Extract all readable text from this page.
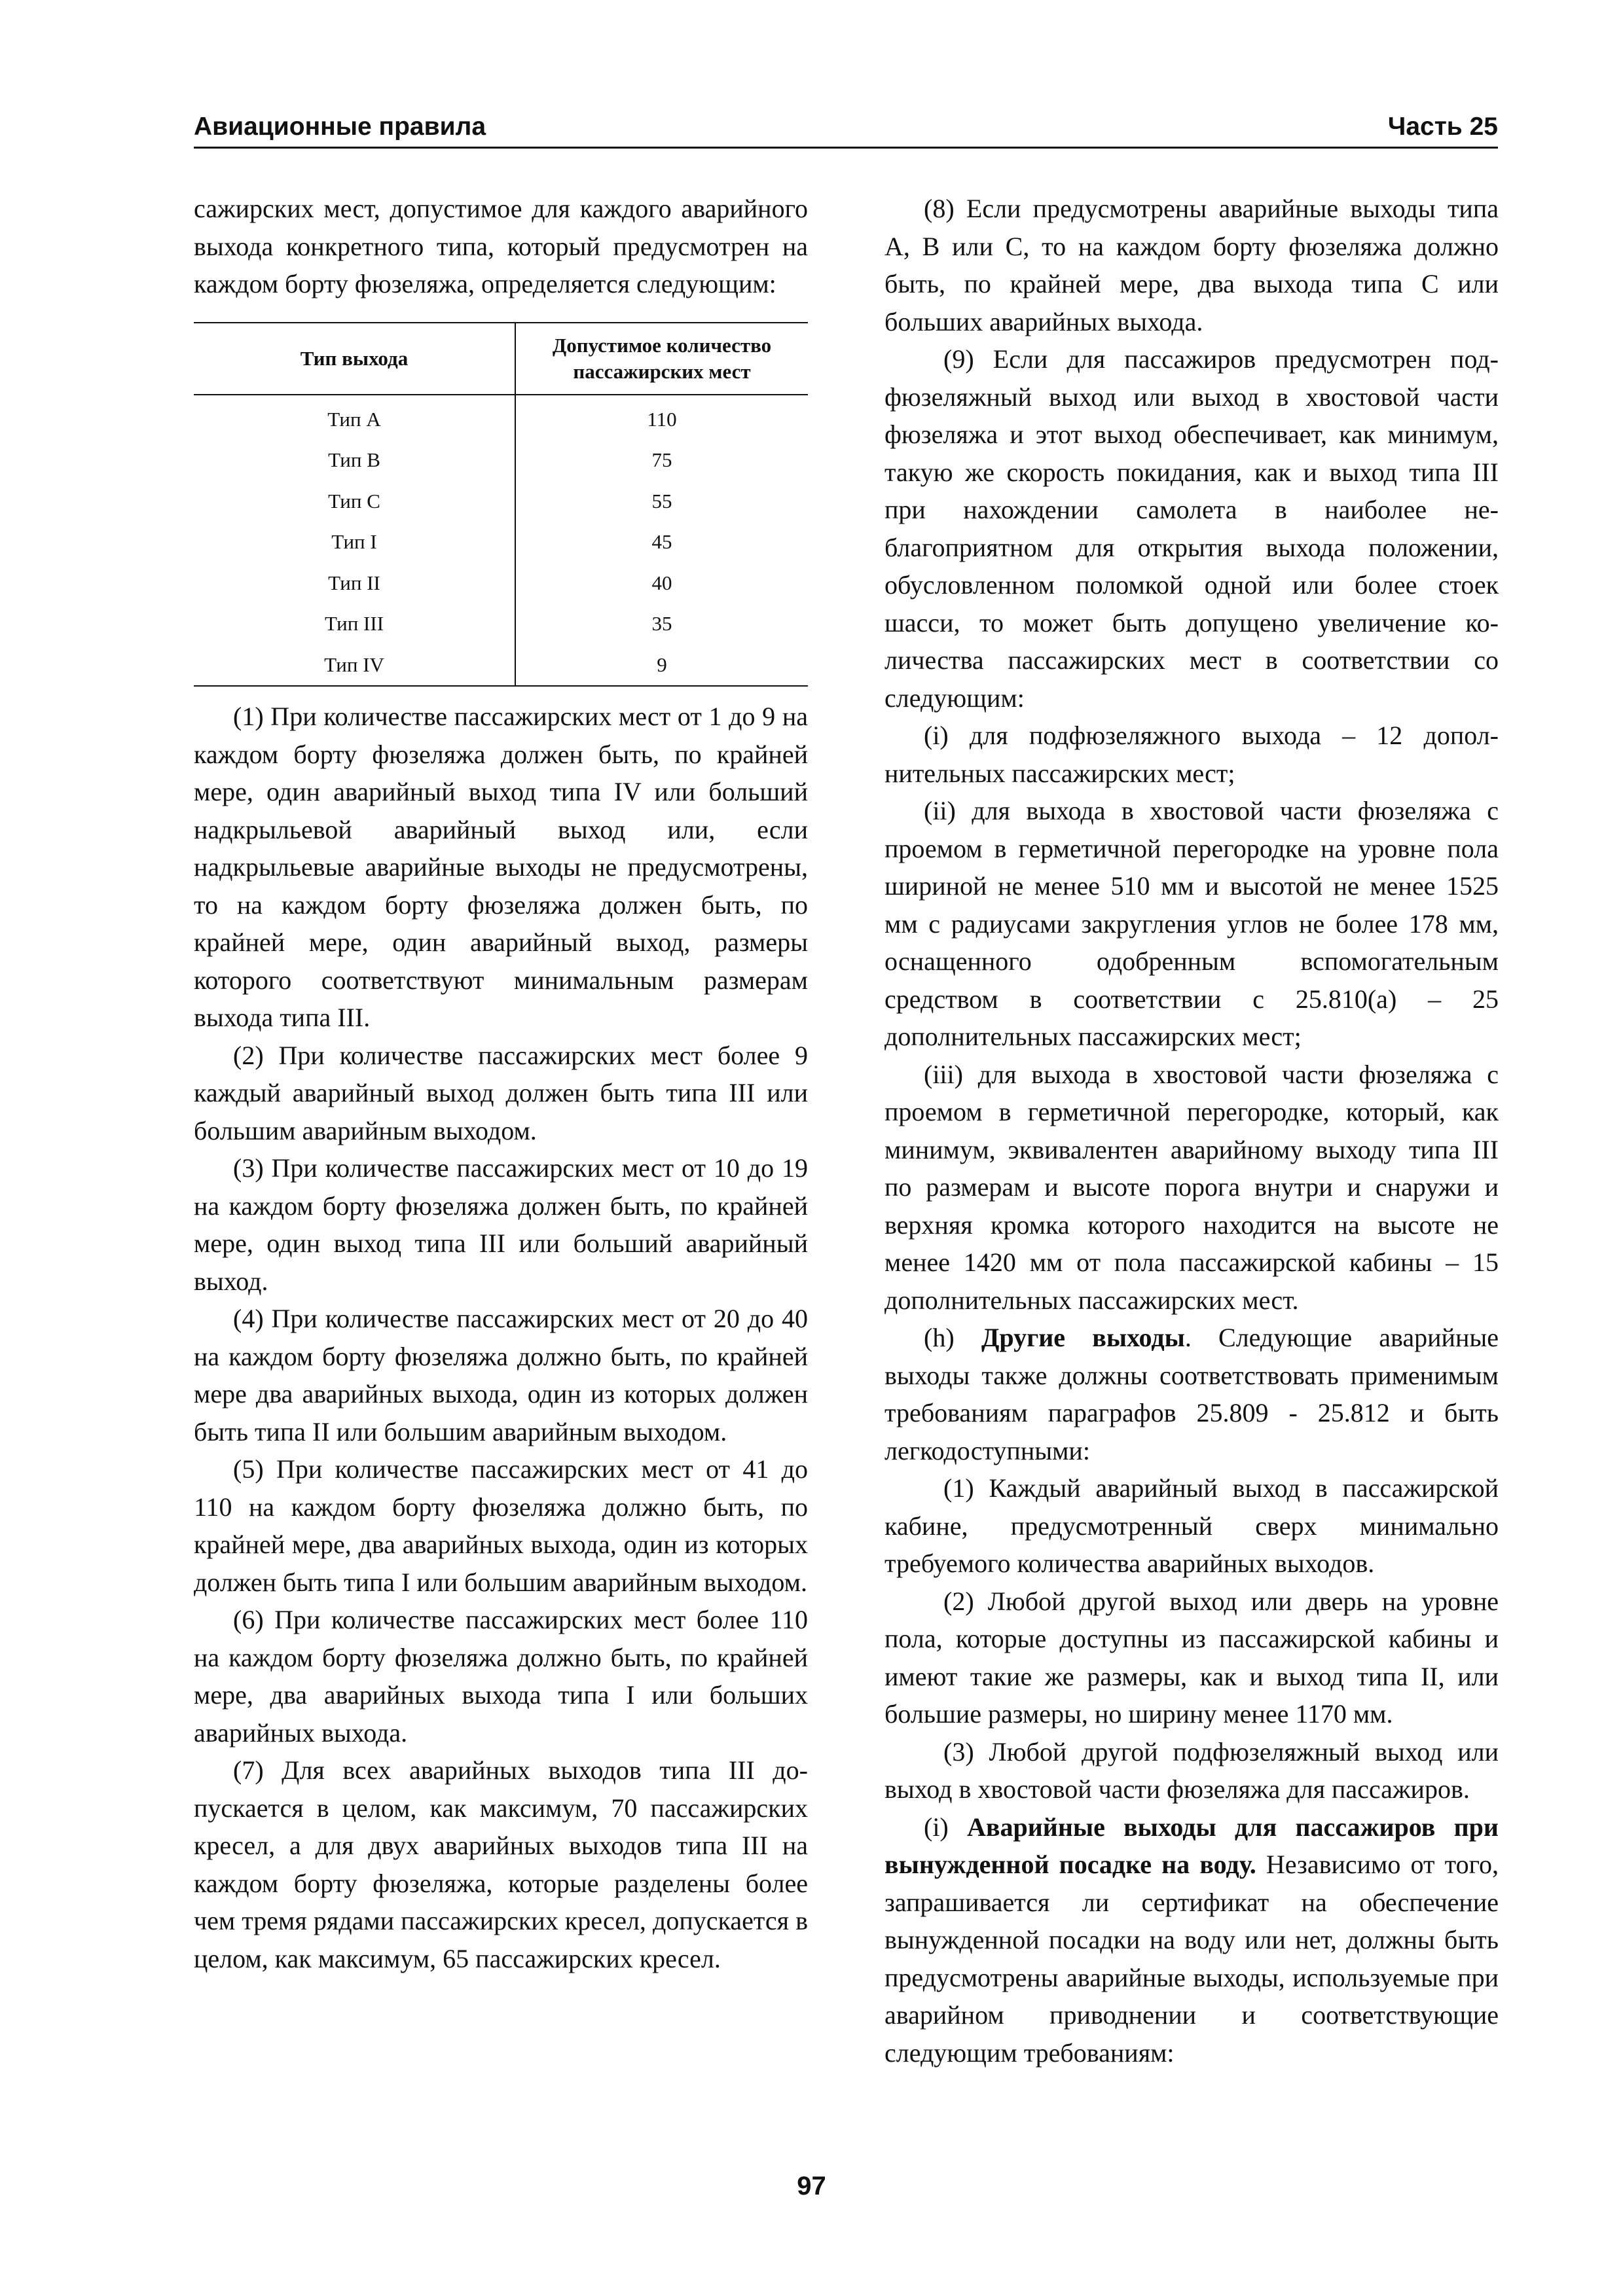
Авиационные правила	Часть 25

сажирских мест, допустимое для каждого аварийного выхода конкретного типа, который предусмотрен на каждом борту фюзеляжа, определяется следующим:

Тип выхода	Допустимое количество пассажирских мест
Тип A	110
Тип B	75
Тип C	55
Тип I	45
Тип II	40
Тип III	35
Тип IV	9

(1) При количестве пассажирских мест от 1 до 9 на каждом борту фюзеляжа должен быть, по крайней мере, один аварийный выход типа IV или больший надкрыльевой аварийный выход или, если надкрыльевые аварийные выходы не предусмотрены, то на каждом борту фюзеляжа должен быть, по крайней мере, один аварийный выход, размеры которого соответствуют минимальным размерам выхода типа III.

(2) При количестве пассажирских мест более 9 каждый аварийный выход должен быть типа III или большим аварийным выходом.

(3) При количестве пассажирских мест от 10 до 19 на каждом борту фюзеляжа должен быть, по крайней мере, один выход типа III или больший аварийный выход.

(4) При количестве пассажирских мест от 20 до 40 на каждом борту фюзеляжа должно быть, по крайней мере два аварийных выхода, один из которых должен быть типа II или большим аварийным выходом.

(5) При количестве пассажирских мест от 41 до 110 на каждом борту фюзеляжа должно быть, по крайней мере, два аварийных выхода, один из которых должен быть типа I или большим аварийным выходом.

(6) При количестве пассажирских мест более 110 на каждом борту фюзеляжа должно быть, по крайней мере, два аварийных выхода типа I или больших аварийных выхода.

(7) Для всех аварийных выходов типа III допускается в целом, как максимум, 70 пассажирских кресел, а для двух аварийных выходов типа III на каждом борту фюзеляжа, которые разделены более чем тремя рядами пассажирских кресел, допускается в целом, как максимум, 65 пассажирских кресел.

(8) Если предусмотрены аварийные выходы типа A, B или C, то на каждом борту фюзеляжа должно быть, по крайней мере, два выхода типа C или больших аварийных выхода.

(9) Если для пассажиров предусмотрен подфюзеляжный выход или выход в хвостовой части фюзеляжа и этот выход обеспечивает, как минимум, такую же скорость покидания, как и выход типа III при нахождении самолета в наиболее неблагоприятном для открытия выхода положении, обусловленном поломкой одной или более стоек шасси, то может быть допущено увеличение количества пассажирских мест в соответствии со следующим:

(i) для подфюзеляжного выхода – 12 дополнительных пассажирских мест;

(ii) для выхода в хвостовой части фюзеляжа с проемом в герметичной перегородке на уровне пола шириной не менее 510 мм и высотой не менее 1525 мм с радиусами закругления углов не более 178 мм, оснащенного одобренным вспомогательным средством в соответствии с 25.810(a) – 25 дополнительных пассажирских мест;

(iii) для выхода в хвостовой части фюзеляжа с проемом в герметичной перегородке, который, как минимум, эквивалентен аварийному выходу типа III по размерам и высоте порога внутри и снаружи и верхняя кромка которого находится на высоте не менее 1420 мм от пола пассажирской кабины – 15 дополнительных пассажирских мест.

(h) Другие выходы. Следующие аварийные выходы также должны соответствовать применимым требованиям параграфов 25.809 - 25.812 и быть легкодоступными:

(1) Каждый аварийный выход в пассажирской кабине, предусмотренный сверх минимально требуемого количества аварийных выходов.

(2) Любой другой выход или дверь на уровне пола, которые доступны из пассажирской кабины и имеют такие же размеры, как и выход типа II, или большие размеры, но ширину менее 1170 мм.

(3) Любой другой подфюзеляжный выход или выход в хвостовой части фюзеляжа для пассажиров.

(i) Аварийные выходы для пассажиров при вынужденной посадке на воду. Независимо от того, запрашивается ли сертификат на обеспечение вынужденной посадки на воду или нет, должны быть предусмотрены аварийные выходы, используемые при аварийном приводнении и соответствующие следующим требованиям:

97
